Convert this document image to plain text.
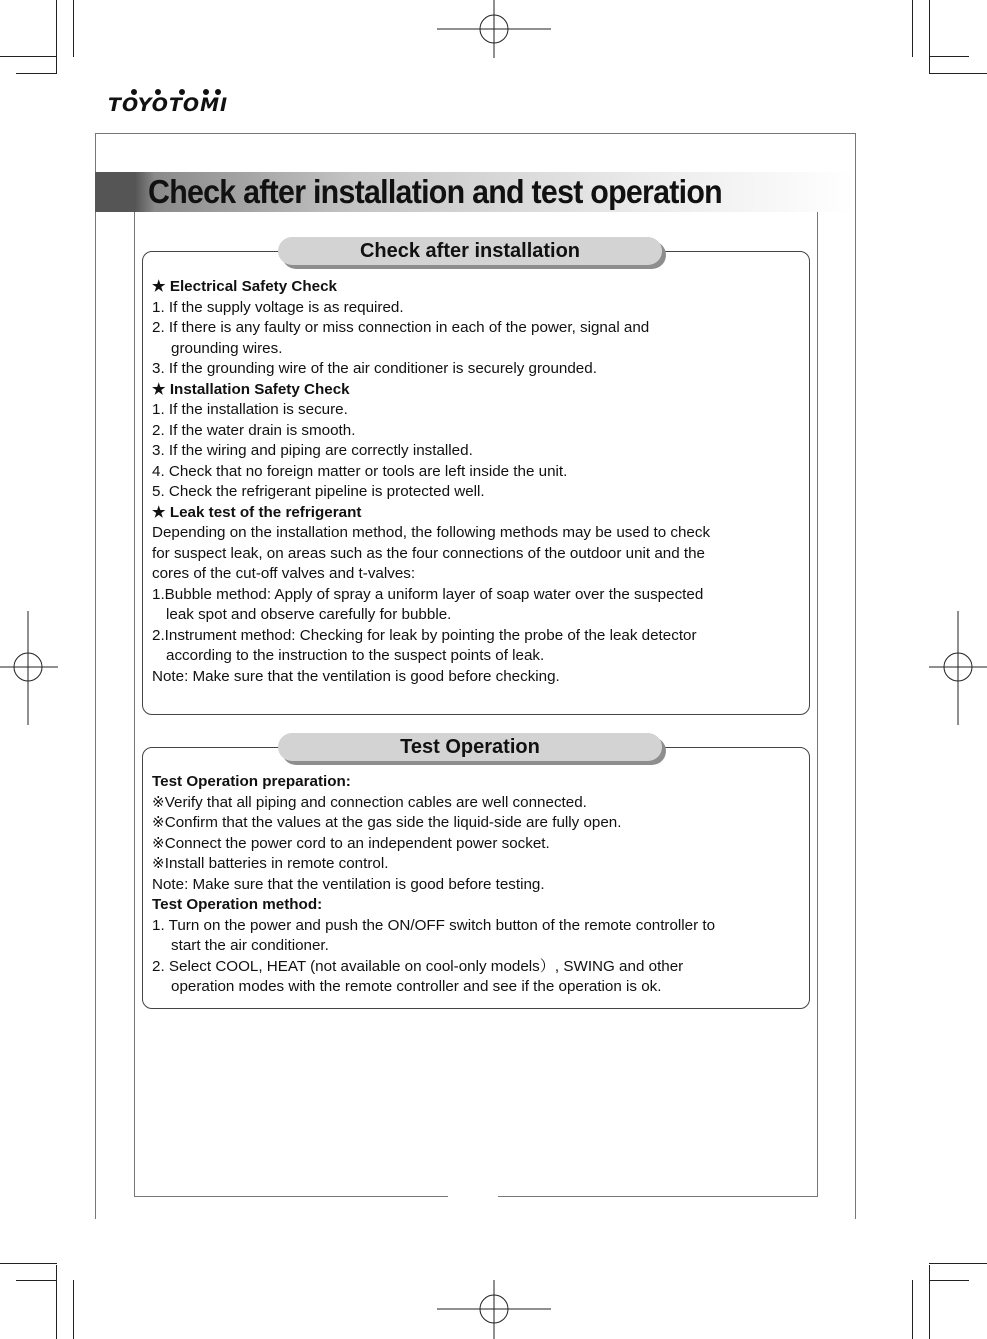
TOYOTOMI
Check after installation and test operation
Check after installation
★ Electrical Safety Check
1. If the supply voltage is as required.
2. If there is any faulty or miss connection in each of the power, signal and
grounding wires.
3. If the grounding wire of the air conditioner is securely grounded.
★ Installation Safety Check
1. If the installation is secure.
2. If the water drain is smooth.
3. If the wiring and piping are correctly installed.
4. Check that no foreign matter or tools are left inside the unit.
5. Check the refrigerant pipeline is protected well.
★ Leak test of the refrigerant
Depending on the installation method, the following methods may be used to check
for suspect leak, on areas such as the four connections of the outdoor unit and the
cores of the cut-off valves and t-valves:
1.Bubble method: Apply of spray a uniform layer of soap water over the suspected
leak spot and observe carefully for bubble.
2.Instrument method: Checking for leak by pointing the probe of the leak detector
according to the instruction to the suspect points of leak.
Note: Make sure that the ventilation is good before checking.
Test Operation
Test Operation preparation:
※Verify that all piping and connection cables are well connected.
※Confirm that the values at the gas side the liquid-side are fully open.
※Connect the power cord to an independent power socket.
※Install batteries in remote control.
Note: Make sure that the ventilation is good before testing.
Test Operation method:
1. Turn on the power and push the ON/OFF switch button of the remote controller to
start the air conditioner.
2. Select COOL, HEAT (not available on cool-only models）, SWING and other
operation modes with the remote controller and see if the operation is ok.
